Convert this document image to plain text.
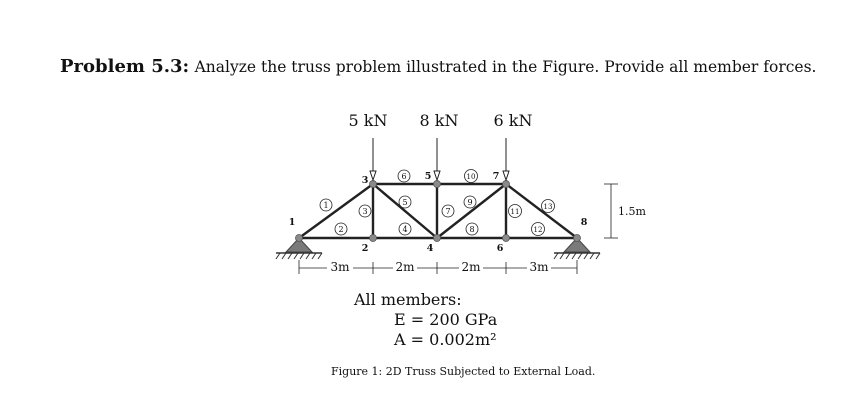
Problem 5.3: Analyze the truss problem illustrated in the Figure. Provide all member forces.
5 kN 8 kN 6 kN
1
2
3
4
5
6
7
8
1
2
3
4
5
6
7
8
9
10
11
12
13
3m	2m	2m	3m
1.5m
All members:
E = 200 GPa
A = 0.002m²
Figure 1: 2D Truss Subjected to External Load.
